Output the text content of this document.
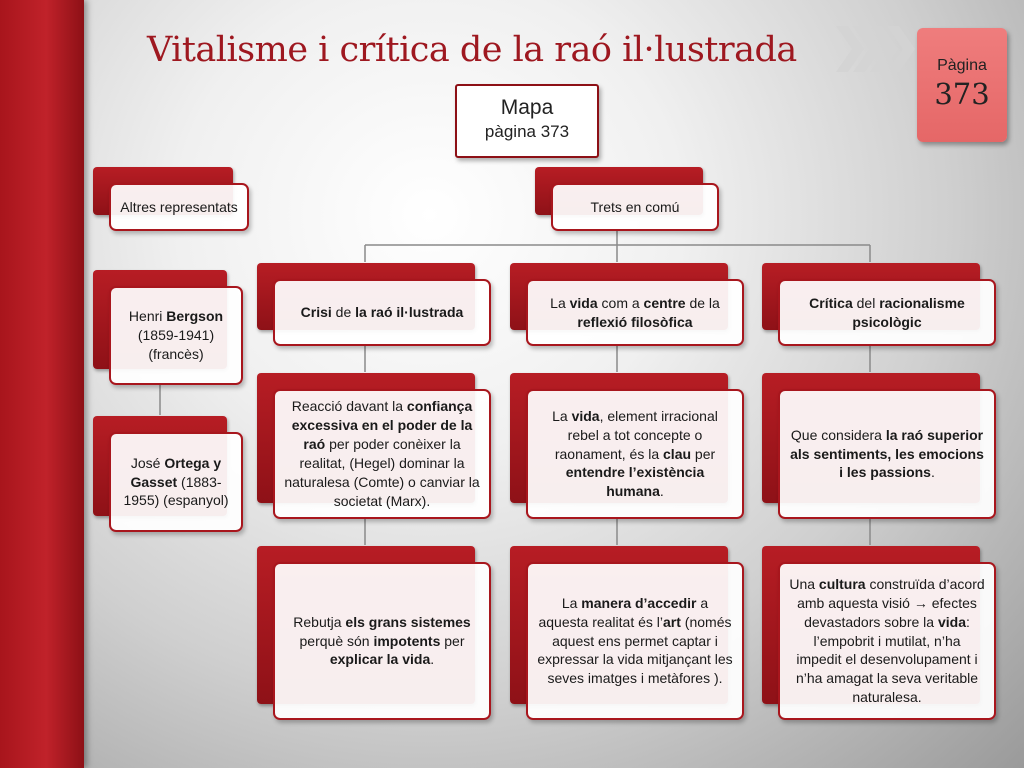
Vitalisme i crítica de la raó il·lustrada	Pàgina
373
Mapa
pàgina 373
Altres representats	Trets en comú
Henri Bergson (1859-1941) (francès)
José Ortega y Gasset (1883-1955) (espanyol)
Crisi de la raó il·lustrada
La vida com a centre de la reflexió filosòfica
Crítica del racionalisme psicològic
Reacció davant la confiança excessiva en el poder de la raó per poder conèixer la realitat, (Hegel) dominar la naturalesa (Comte) o canviar la societat (Marx).
La vida, element irracional rebel a tot concepte o raonament, és la clau per entendre l’existència humana.
Que considera la raó superior als sentiments, les emocions i les passions.
Rebutja els grans sistemes perquè són impotents per explicar la vida.
La manera d’accedir a aquesta realitat és l’art (només aquest ens permet captar i expressar la vida mitjançant les seves imatges i metàfores ).
Una cultura construïda d’acord amb aquesta visió → efectes devastadors sobre la vida: l’empobrit i mutilat, n’ha impedit el desenvolupament i n’ha amagat la seva veritable naturalesa.
